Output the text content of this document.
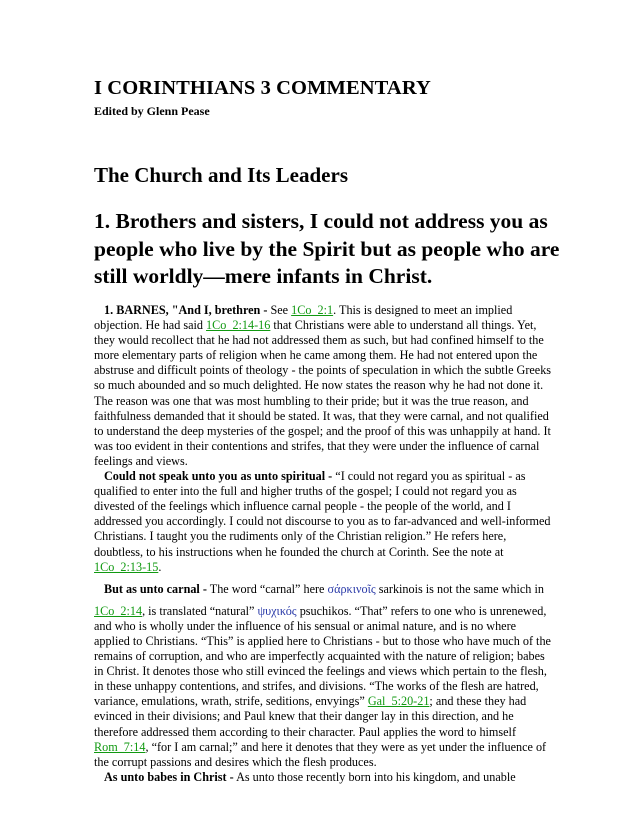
I CORINTHIANS 3 COMMENTARY
Edited by Glenn Pease
The Church and Its Leaders
1. Brothers and sisters, I could not address you as people who live by the Spirit but as people who are still worldly—mere infants in Christ.

1. BARNES, "And I, brethren - See 1Co_2:1. This is designed to meet an implied objection. He had said 1Co_2:14-16 that Christians were able to understand all things. Yet, they would recollect that he had not addressed them as such, but had confined himself to the more elementary parts of religion when he came among them. He had not entered upon the abstruse and difficult points of theology - the points of speculation in which the subtle Greeks so much abounded and so much delighted. He now states the reason why he had not done it. The reason was one that was most humbling to their pride; but it was the true reason, and faithfulness demanded that it should be stated. It was, that they were carnal, and not qualified to understand the deep mysteries of the gospel; and the proof of this was unhappily at hand. It was too evident in their contentions and strifes, that they were under the influence of carnal feelings and views.

Could not speak unto you as unto spiritual - “I could not regard you as spiritual - as qualified to enter into the full and higher truths of the gospel; I could not regard you as divested of the feelings which influence carnal people - the people of the world, and I addressed you accordingly. I could not discourse to you as to far-advanced and well-informed Christians. I taught you the rudiments only of the Christian religion.” He refers here, doubtless, to his instructions when he founded the church at Corinth. See the note at 1Co_2:13-15.

But as unto carnal - The word “carnal” here σάρκινοῖς sarkinois is not the same which in
1Co_2:14, is translated “natural” ψυχικός psuchikos. “That” refers to one who is unrenewed, and who is wholly under the influence of his sensual or animal nature, and is no where applied to Christians. “This” is applied here to Christians - but to those who have much of the remains of corruption, and who are imperfectly acquainted with the nature of religion; babes in Christ. It denotes those who still evinced the feelings and views which pertain to the flesh, in these unhappy contentions, and strifes, and divisions. “The works of the flesh are hatred, variance, emulations, wrath, strife, seditions, envyings” Gal_5:20-21; and these they had evinced in their divisions; and Paul knew that their danger lay in this direction, and he therefore addressed them according to their character. Paul applies the word to himself Rom_7:14, “for I am carnal;” and here it denotes that they were as yet under the influence of the corrupt passions and desires which the flesh produces.

As unto babes in Christ - As unto those recently born into his kingdom, and unable
